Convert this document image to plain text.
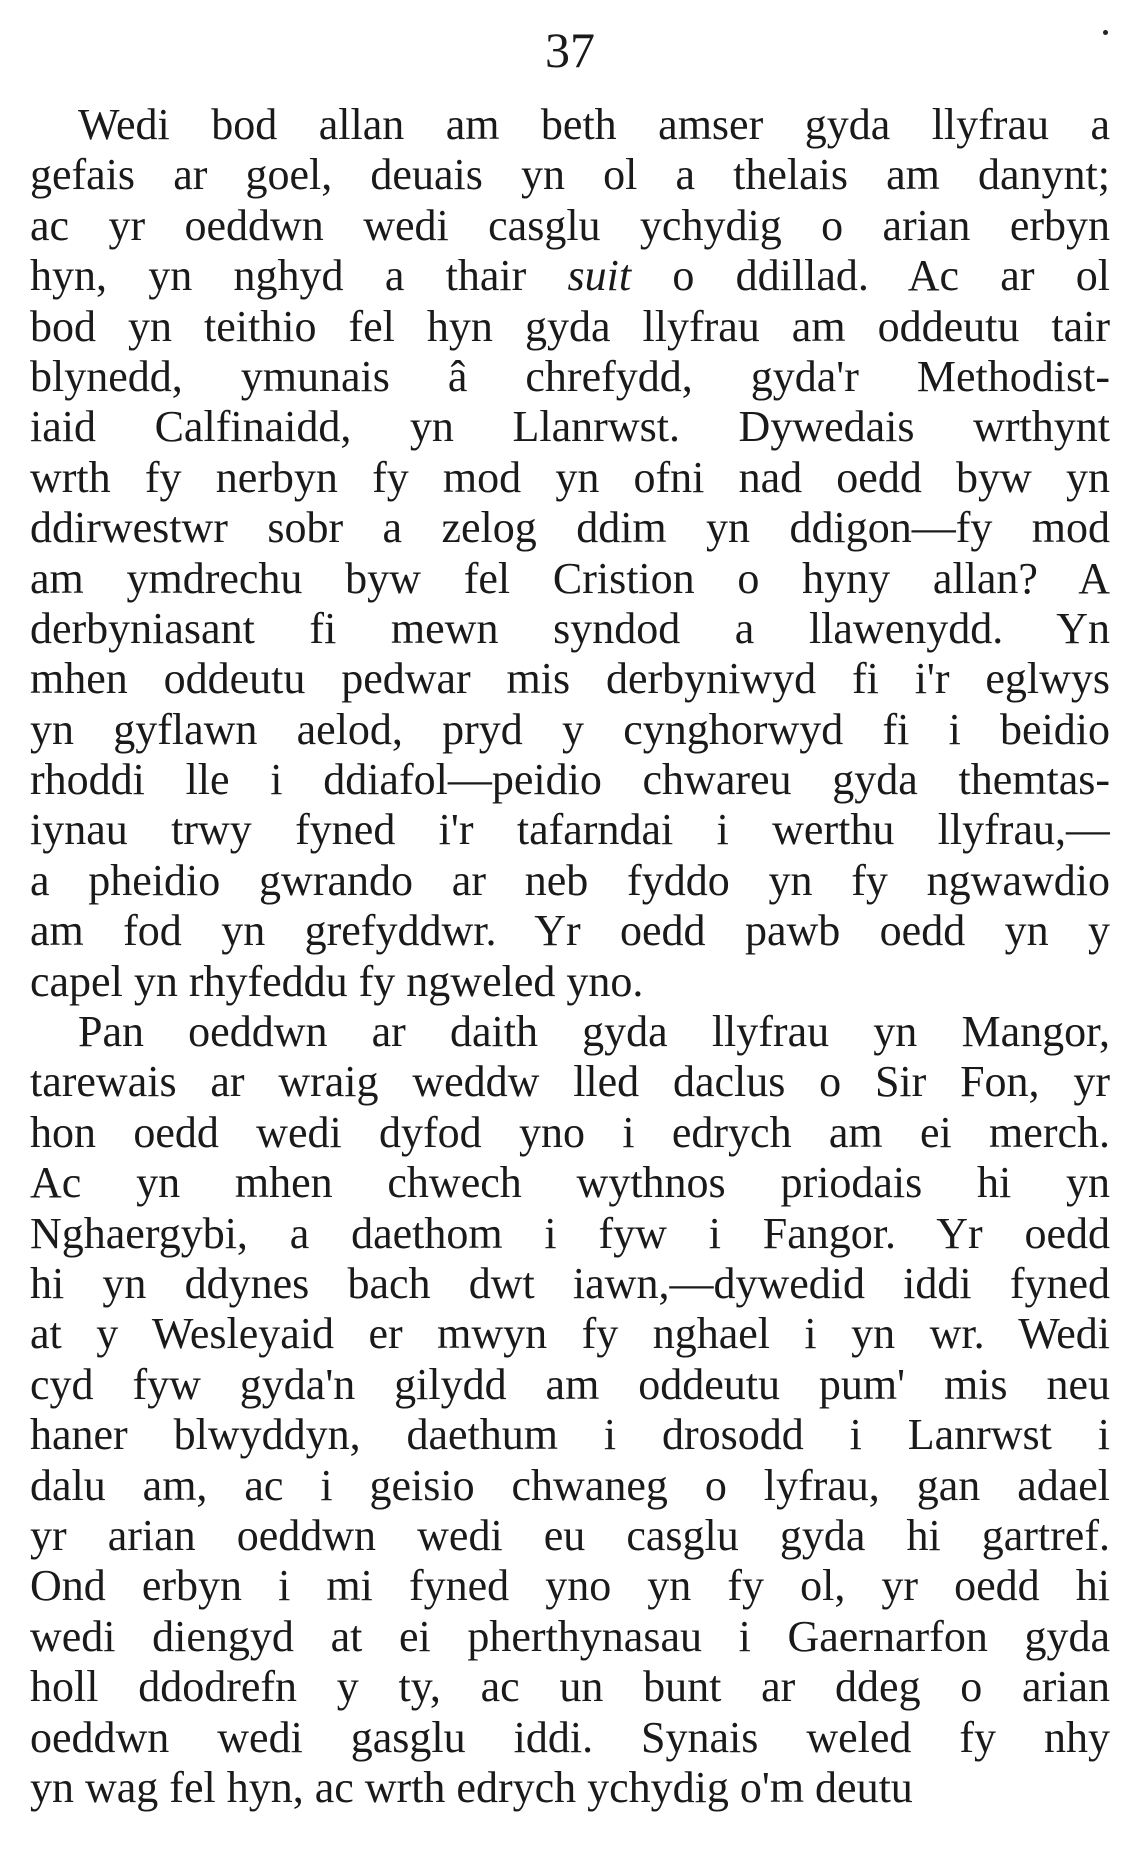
37
Wedi bod allan am beth amser gyda llyfrau a
gefais ar goel, deuais yn ol a thelais am danynt;
ac yr oeddwn wedi casglu ychydig o arian erbyn
hyn, yn nghyd a thair suit o ddillad. Ac ar ol
bod yn teithio fel hyn gyda llyfrau am oddeutu tair
blynedd, ymunais â chrefydd, gyda'r Methodist-
iaid Calfinaidd, yn Llanrwst. Dywedais wrthynt
wrth fy nerbyn fy mod yn ofni nad oedd byw yn
ddirwestwr sobr a zelog ddim yn ddigon—fy mod
am ymdrechu byw fel Cristion o hyny allan? A
derbyniasant fi mewn syndod a llawenydd. Yn
mhen oddeutu pedwar mis derbyniwyd fi i'r eglwys
yn gyflawn aelod, pryd y cynghorwyd fi i beidio
rhoddi lle i ddiafol—peidio chwareu gyda themtas-
iynau trwy fyned i'r tafarndai i werthu llyfrau,—
a pheidio gwrando ar neb fyddo yn fy ngwawdio
am fod yn grefyddwr. Yr oedd pawb oedd yn y
capel yn rhyfeddu fy ngweled yno.
Pan oeddwn ar daith gyda llyfrau yn Mangor,
tarewais ar wraig weddw lled daclus o Sir Fon, yr
hon oedd wedi dyfod yno i edrych am ei merch.
Ac yn mhen chwech wythnos priodais hi yn
Nghaergybi, a daethom i fyw i Fangor. Yr oedd
hi yn ddynes bach dwt iawn,—dywedid iddi fyned
at y Wesleyaid er mwyn fy nghael i yn wr. Wedi
cyd fyw gyda'n gilydd am oddeutu pum' mis neu
haner blwyddyn, daethum i drosodd i Lanrwst i
dalu am, ac i geisio chwaneg o lyfrau, gan adael
yr arian oeddwn wedi eu casglu gyda hi gartref.
Ond erbyn i mi fyned yno yn fy ol, yr oedd hi
wedi diengyd at ei pherthynasau i Gaernarfon gyda
holl ddodrefn y ty, ac un bunt ar ddeg o arian
oeddwn wedi gasglu iddi. Synais weled fy nhy
yn wag fel hyn, ac wrth edrych ychydig o'm deutu
